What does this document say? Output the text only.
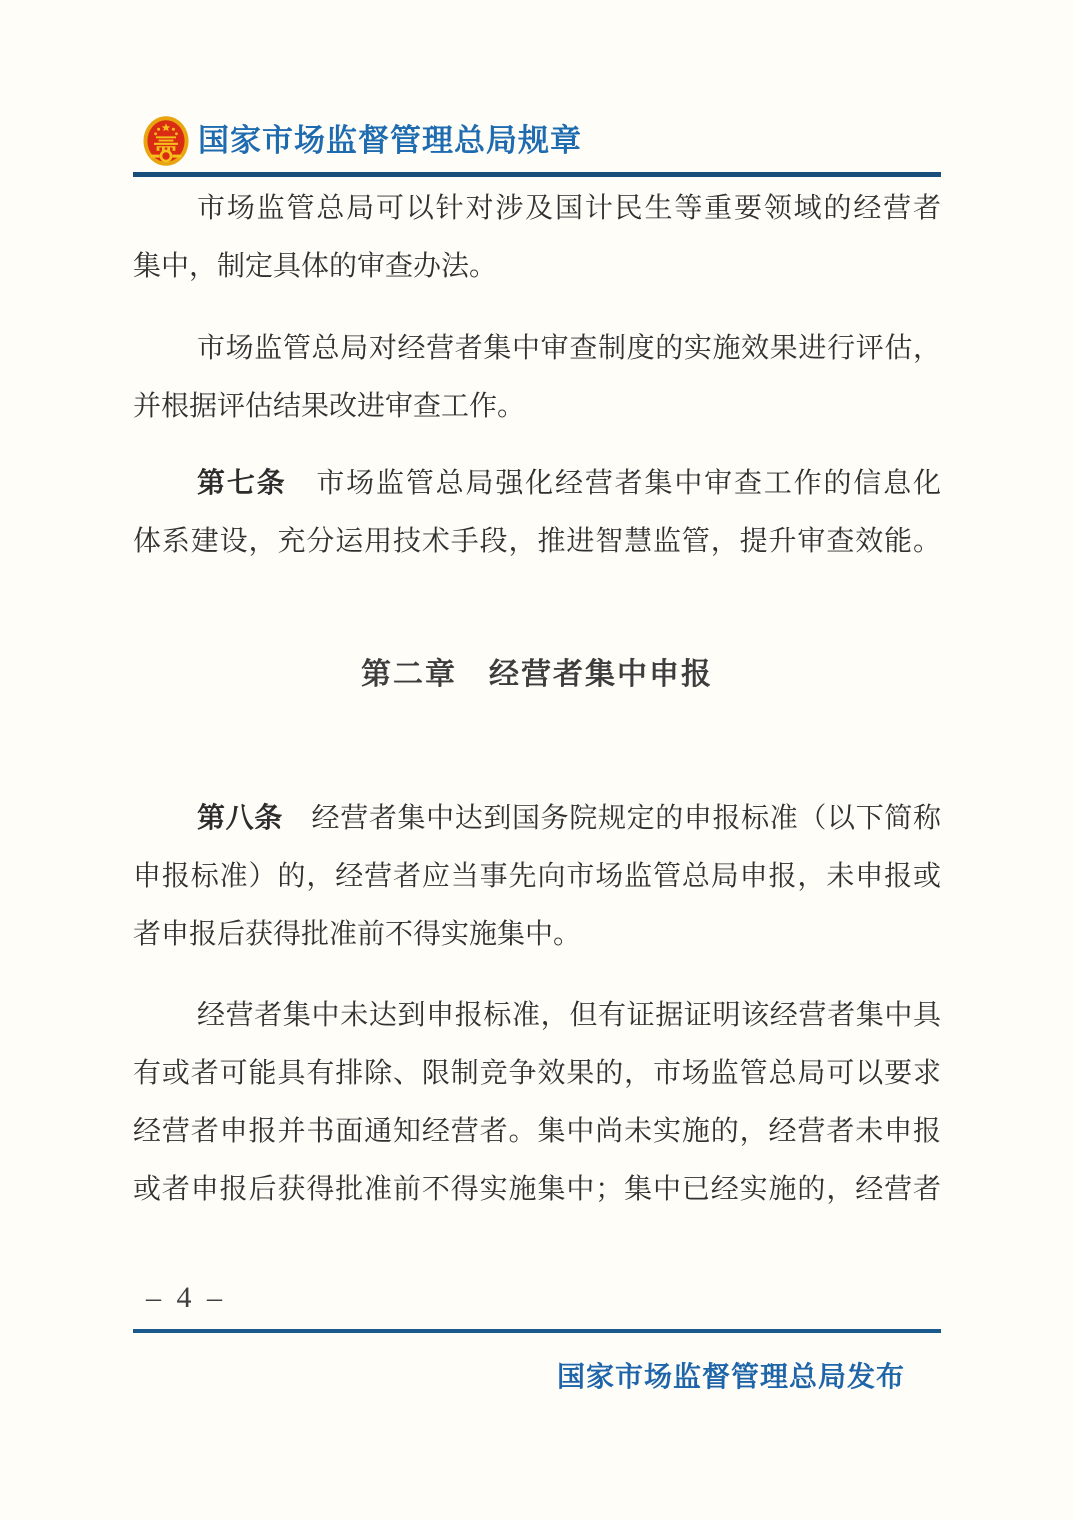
国家市场监督管理总局规章

市场监管总局可以针对涉及国计民生等重要领域的经营者
集中，制定具体的审查办法。

市场监管总局对经营者集中审查制度的实施效果进行评估，
并根据评估结果改进审查工作。

第七条　市场监管总局强化经营者集中审查工作的信息化
体系建设，充分运用技术手段，推进智慧监管，提升审查效能。

第二章　经营者集中申报

第八条　经营者集中达到国务院规定的申报标准（以下简称
申报标准）的，经营者应当事先向市场监管总局申报，未申报或
者申报后获得批准前不得实施集中。

经营者集中未达到申报标准，但有证据证明该经营者集中具
有或者可能具有排除、限制竞争效果的，市场监管总局可以要求
经营者申报并书面通知经营者。集中尚未实施的，经营者未申报
或者申报后获得批准前不得实施集中；集中已经实施的，经营者

– 4 –
国家市场监督管理总局发布
